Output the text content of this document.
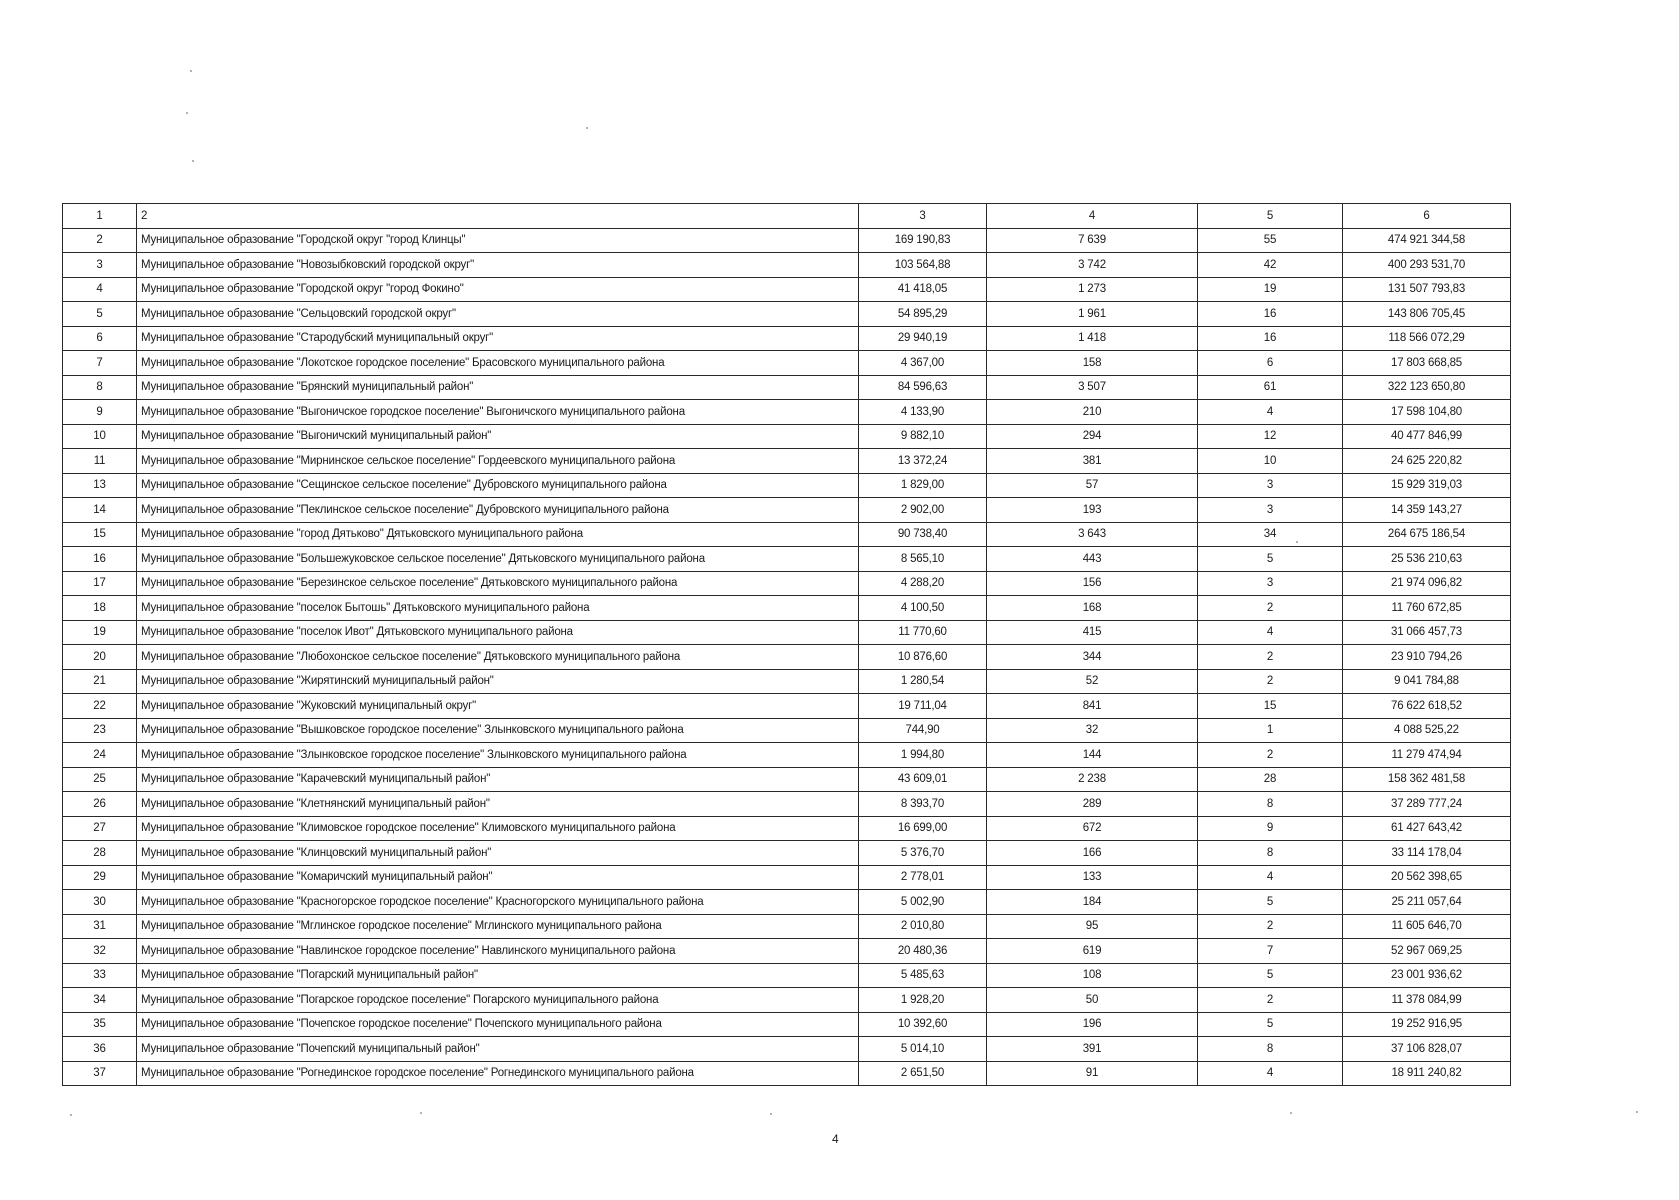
1	2	3	4	5	6
2	Муниципальное образование "Городской округ "город Клинцы"	169 190,83	7 639	55	474 921 344,58
3	Муниципальное образование "Новозыбковский городской округ"	103 564,88	3 742	42	400 293 531,70
4	Муниципальное образование "Городской округ "город Фокино"	41 418,05	1 273	19	131 507 793,83
5	Муниципальное образование "Сельцовский городской округ"	54 895,29	1 961	16	143 806 705,45
6	Муниципальное образование "Стародубский муниципальный округ"	29 940,19	1 418	16	118 566 072,29
7	Муниципальное образование "Локотское городское поселение" Брасовского муниципального района	4 367,00	158	6	17 803 668,85
8	Муниципальное образование "Брянский муниципальный район"	84 596,63	3 507	61	322 123 650,80
9	Муниципальное образование "Выгоничское городское поселение" Выгоничского муниципального района	4 133,90	210	4	17 598 104,80
10	Муниципальное образование "Выгоничский муниципальный район"	9 882,10	294	12	40 477 846,99
11	Муниципальное образование "Мирнинское сельское поселение" Гордеевского муниципального района	13 372,24	381	10	24 625 220,82
13	Муниципальное образование "Сещинское сельское поселение" Дубровского муниципального района	1 829,00	57	3	15 929 319,03
14	Муниципальное образование "Пеклинское сельское поселение" Дубровского муниципального района	2 902,00	193	3	14 359 143,27
15	Муниципальное образование "город Дятьково" Дятьковского муниципального района	90 738,40	3 643	34	264 675 186,54
16	Муниципальное образование "Большежуковское сельское поселение" Дятьковского муниципального района	8 565,10	443	5	25 536 210,63
17	Муниципальное образование "Березинское сельское поселение" Дятьковского муниципального района	4 288,20	156	3	21 974 096,82
18	Муниципальное образование "поселок Бытошь" Дятьковского муниципального района	4 100,50	168	2	11 760 672,85
19	Муниципальное образование "поселок Ивот" Дятьковского муниципального района	11 770,60	415	4	31 066 457,73
20	Муниципальное образование "Любохонское сельское поселение" Дятьковского муниципального района	10 876,60	344	2	23 910 794,26
21	Муниципальное образование "Жирятинский муниципальный район"	1 280,54	52	2	9 041 784,88
22	Муниципальное образование "Жуковский муниципальный округ"	19 711,04	841	15	76 622 618,52
23	Муниципальное образование "Вышковское городское поселение" Злынковского муниципального района	744,90	32	1	4 088 525,22
24	Муниципальное образование "Злынковское городское поселение" Злынковского муниципального района	1 994,80	144	2	11 279 474,94
25	Муниципальное образование "Карачевский муниципальный район"	43 609,01	2 238	28	158 362 481,58
26	Муниципальное образование "Клетнянский муниципальный район"	8 393,70	289	8	37 289 777,24
27	Муниципальное образование "Климовское городское поселение" Климовского муниципального района	16 699,00	672	9	61 427 643,42
28	Муниципальное образование "Клинцовский муниципальный район"	5 376,70	166	8	33 114 178,04
29	Муниципальное образование "Комаричский муниципальный район"	2 778,01	133	4	20 562 398,65
30	Муниципальное образование "Красногорское городское поселение" Красногорского муниципального района	5 002,90	184	5	25 211 057,64
31	Муниципальное образование "Мглинское городское поселение" Мглинского муниципального района	2 010,80	95	2	11 605 646,70
32	Муниципальное образование "Навлинское городское поселение" Навлинского муниципального района	20 480,36	619	7	52 967 069,25
33	Муниципальное образование "Погарский муниципальный район"	5 485,63	108	5	23 001 936,62
34	Муниципальное образование "Погарское городское поселение" Погарского муниципального района	1 928,20	50	2	11 378 084,99
35	Муниципальное образование "Почепское городское поселение" Почепского муниципального района	10 392,60	196	5	19 252 916,95
36	Муниципальное образование "Почепский муниципальный район"	5 014,10	391	8	37 106 828,07
37	Муниципальное образование "Рогнединское городское поселение" Рогнединского муниципального района	2 651,50	91	4	18 911 240,82
4
